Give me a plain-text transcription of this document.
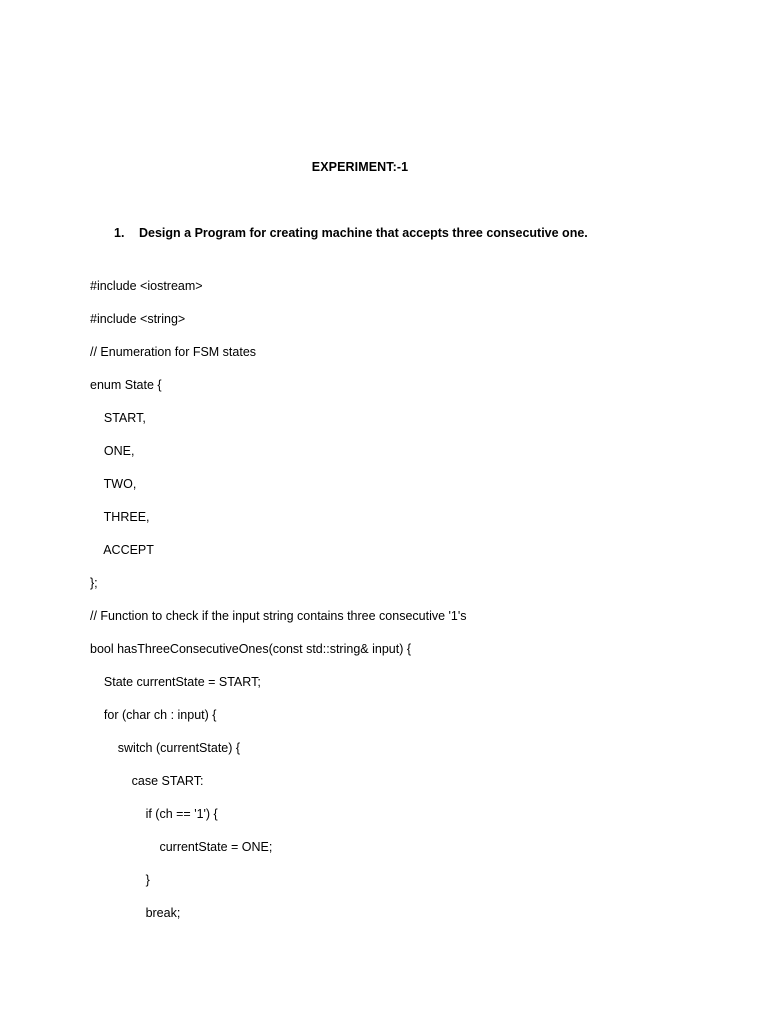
EXPERIMENT:-1
1. Design a Program for creating machine that accepts three consecutive one.
#include <iostream>
#include <string>
// Enumeration for FSM states
enum State {
START,
ONE,
TWO,
THREE,
ACCEPT
};
// Function to check if the input string contains three consecutive '1's
bool hasThreeConsecutiveOnes(const std::string& input) {
State currentState = START;
for (char ch : input) {
switch (currentState) {
case START:
if (ch == '1') {
currentState = ONE;
}
break;
